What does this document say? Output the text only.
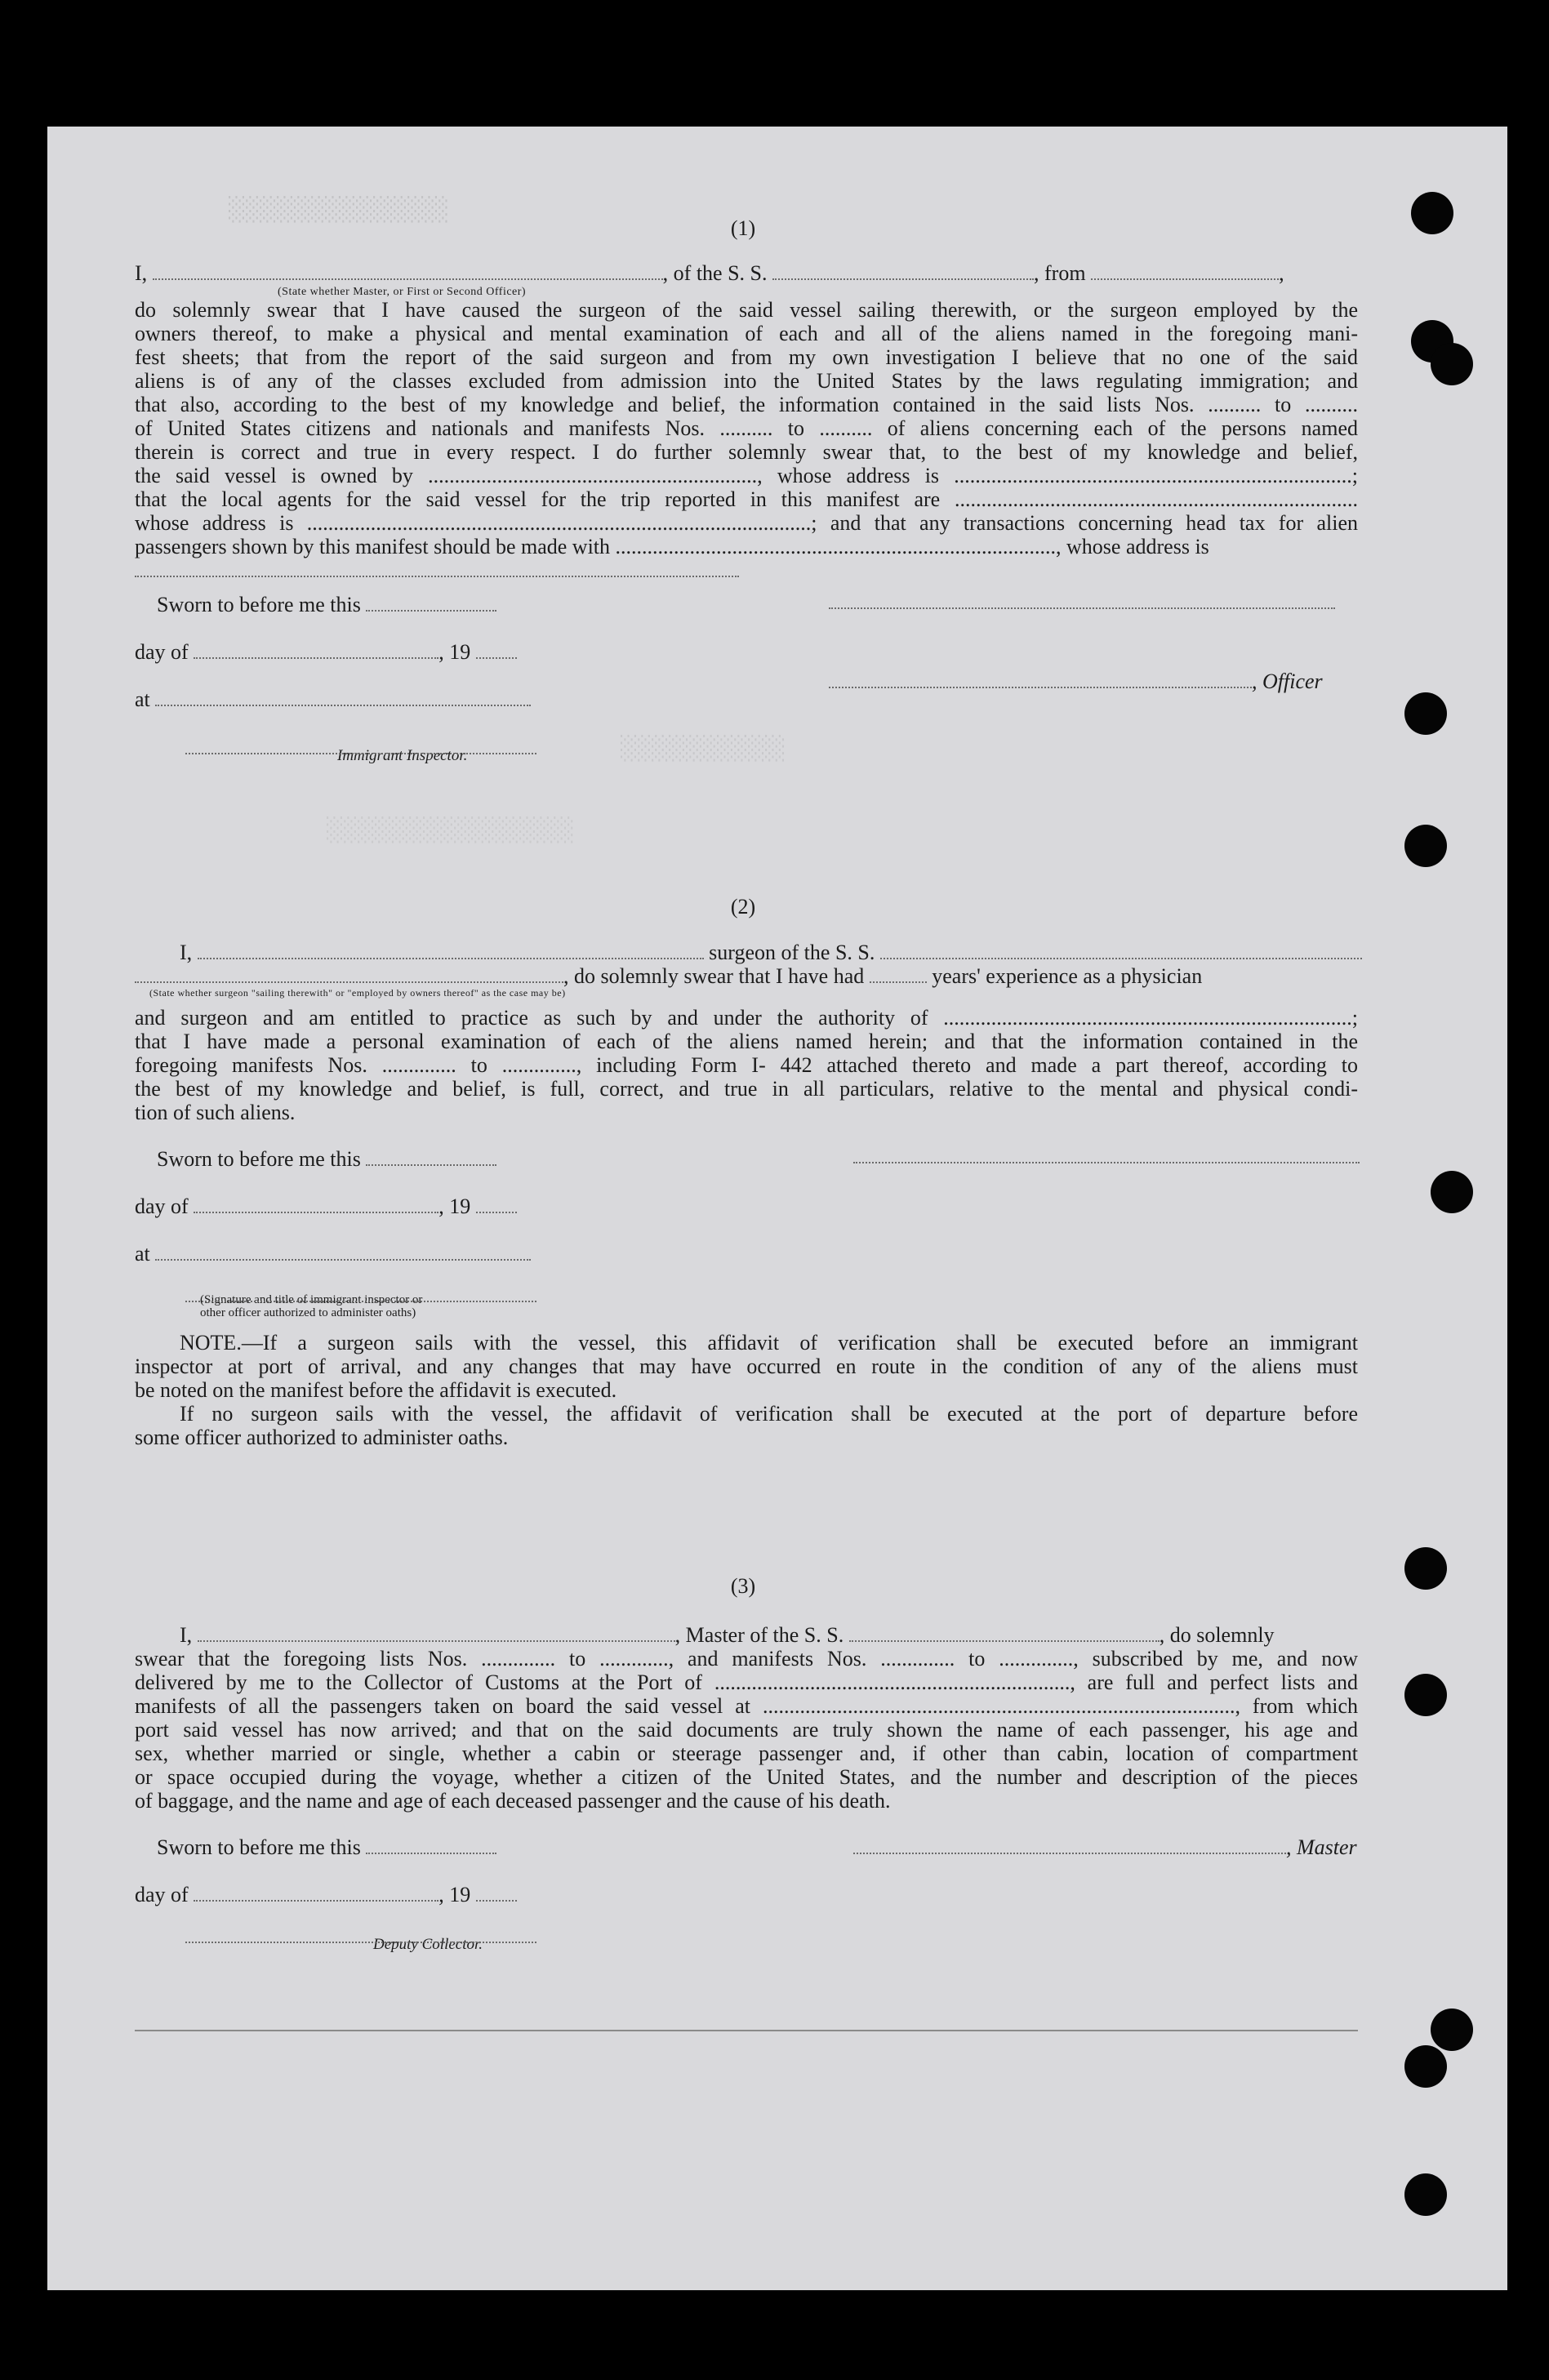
░░░░░░░░░░░░░░░░
░░░░░░░░░░░░
░░░░░░░░░░░░░░░░░░
(1)
I,	, of the S. S.	, from	,
(State whether Master, or First or Second Officer)
do solemnly swear that I have caused the surgeon of the said vessel sailing therewith, or the surgeon employed by the
owners thereof, to make a physical and mental examination of each and all of the aliens named in the foregoing mani-
fest sheets; that from the report of the said surgeon and from my own investigation I believe that no one of the said
aliens is of any of the classes excluded from admission into the United States by the laws regulating immigration; and
that also, according to the best of my knowledge and belief, the information contained in the said lists Nos. .......... to ..........
of United States citizens and nationals and manifests Nos. .......... to .......... of aliens concerning each of the persons named
therein is correct and true in every respect. I do further solemnly swear that, to the best of my knowledge and belief,
the said vessel is owned by .............................................................., whose address is ...........................................................................;
that the local agents for the said vessel for the trip reported in this manifest are ............................................................................
whose address is ...............................................................................................; and that any transactions concerning head tax for alien
passengers shown by this manifest should be made with ..................................................................................., whose address is
Sworn to before me this
day of	, 19
at
, Officer
Immigrant Inspector.
(2)
I,	surgeon of the S. S.
, do solemnly swear that I have had	years' experience as a physician
(State whether surgeon "sailing therewith" or "employed by owners thereof" as the case may be)
and surgeon and am entitled to practice as such by and under the authority of .............................................................................;
that I have made a personal examination of each of the aliens named herein; and that the information contained in the
foregoing manifests Nos. .............. to .............., including Form I- 442 attached thereto and made a part thereof, according to
the best of my knowledge and belief, is full, correct, and true in all particulars, relative to the mental and physical condi-
tion of such aliens.
Sworn to before me this
day of	, 19
at
(Signature and title of immigrant inspector or
other officer authorized to administer oaths)
NOTE.—If a surgeon sails with the vessel, this affidavit of verification shall be executed before an immigrant
inspector at port of arrival, and any changes that may have occurred en route in the condition of any of the aliens must
be noted on the manifest before the affidavit is executed.
If no surgeon sails with the vessel, the affidavit of verification shall be executed at the port of departure before
some officer authorized to administer oaths.
(3)
I,	, Master of the S. S.	, do solemnly
swear that the foregoing lists Nos. .............. to ............., and manifests Nos. .............. to .............., subscribed by me, and now
delivered by me to the Collector of Customs at the Port of ..................................................................., are full and perfect lists and
manifests of all the passengers taken on board the said vessel at ........................................................................................., from which
port said vessel has now arrived; and that on the said documents are truly shown the name of each passenger, his age and
sex, whether married or single, whether a cabin or steerage passenger and, if other than cabin, location of compartment
or space occupied during the voyage, whether a citizen of the United States, and the number and description of the pieces
of baggage, and the name and age of each deceased passenger and the cause of his death.
Sworn to before me this	, Master
day of	, 19
Deputy Collector.
